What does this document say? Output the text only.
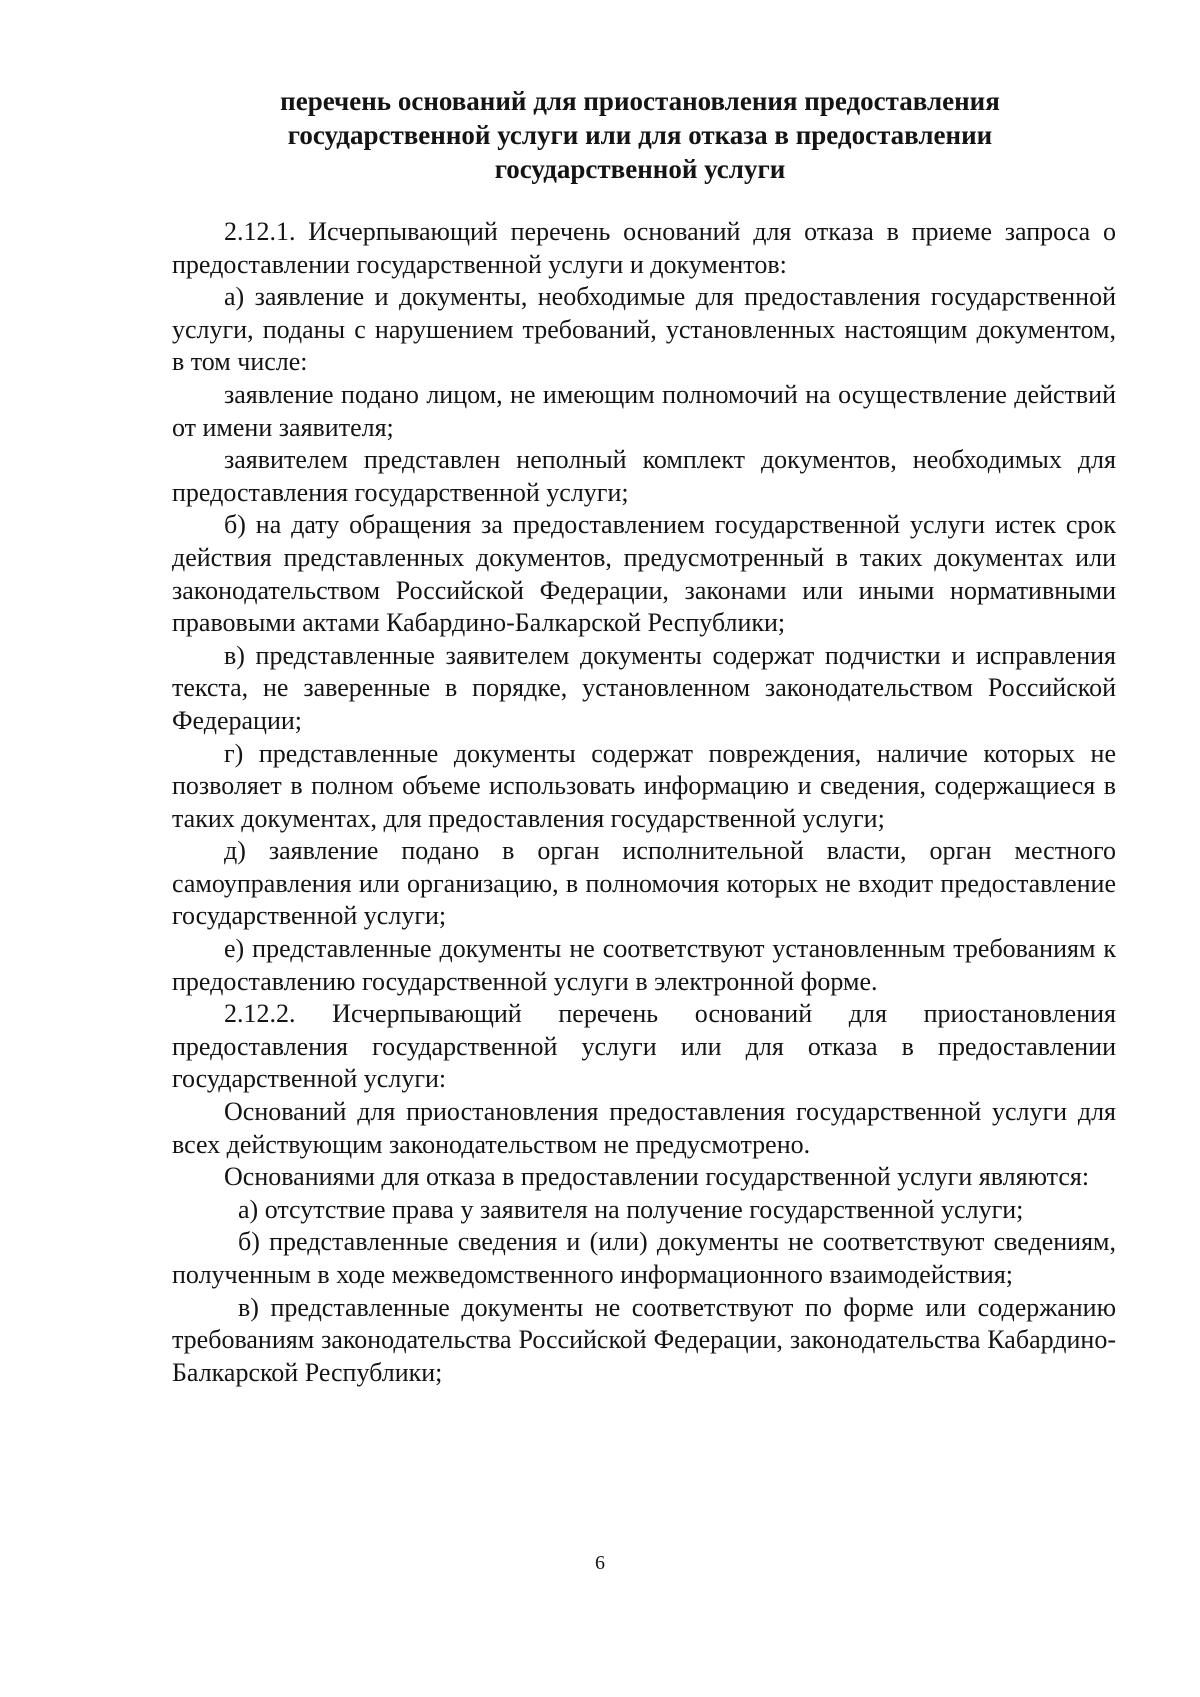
перечень оснований для приостановления предоставления
государственной услуги или для отказа в предоставлении
государственной услуги

2.12.1. Исчерпывающий перечень оснований для отказа в приеме запроса о предоставлении государственной услуги и документов:

а) заявление и документы, необходимые для предоставления государственной услуги, поданы с нарушением требований, установленных настоящим документом, в том числе:

заявление подано лицом, не имеющим полномочий на осуществление действий от имени заявителя;

заявителем представлен неполный комплект документов, необходимых для предоставления государственной услуги;

б) на дату обращения за предоставлением государственной услуги истек срок действия представленных документов, предусмотренный в таких документах или законодательством Российской Федерации, законами или иными нормативными правовыми актами Кабардино-Балкарской Республики;

в) представленные заявителем документы содержат подчистки и исправления текста, не заверенные в порядке, установленном законодательством Российской Федерации;

г) представленные документы содержат повреждения, наличие которых не позволяет в полном объеме использовать информацию и сведения, содержащиеся в таких документах, для предоставления государственной услуги;

д) заявление подано в орган исполнительной власти, орган местного самоуправления или организацию, в полномочия которых не входит предоставление государственной услуги;

е) представленные документы не соответствуют установленным требованиям к предоставлению государственной услуги в электронной форме.

2.12.2. Исчерпывающий перечень оснований для приостановления предоставления государственной услуги или для отказа в предоставлении государственной услуги:

Оснований для приостановления предоставления государственной услуги для всех действующим законодательством не предусмотрено.

Основаниями для отказа в предоставлении государственной услуги являются:

а) отсутствие права у заявителя на получение государственной услуги;

б) представленные сведения и (или) документы не соответствуют сведениям, полученным в ходе межведомственного информационного взаимодействия;

в) представленные документы не соответствуют по форме или содержанию требованиям законодательства Российской Федерации, законодательства Кабардино-Балкарской Республики;

6
